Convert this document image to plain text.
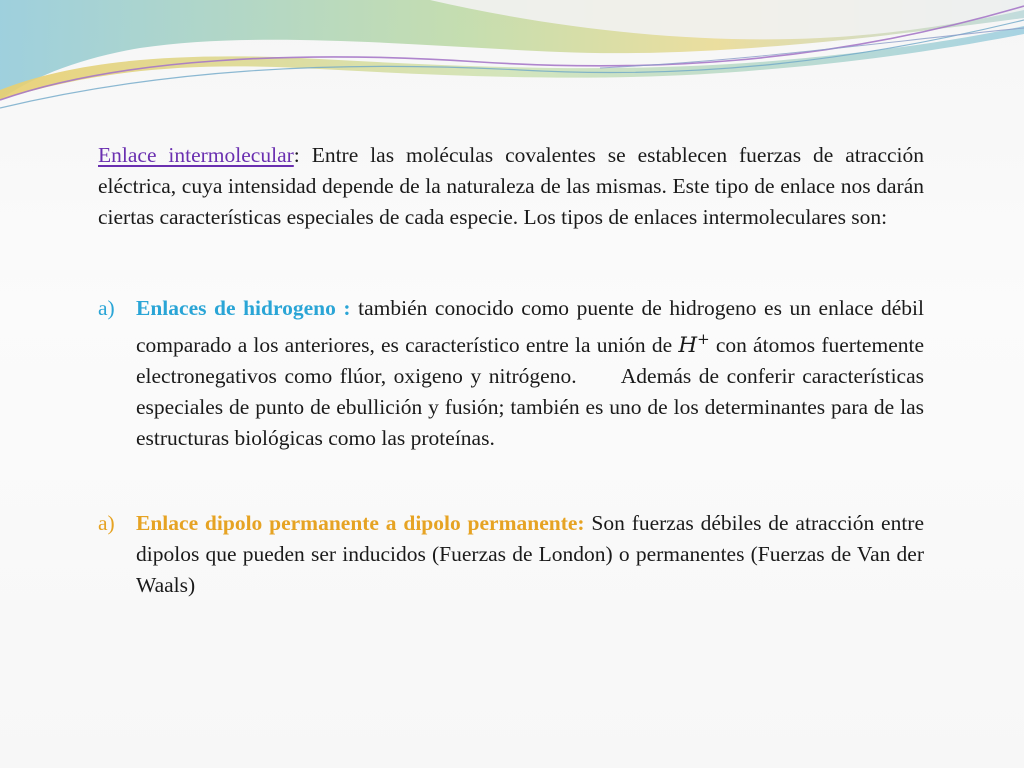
Enlace intermolecular: Entre las moléculas covalentes se establecen fuerzas de atracción eléctrica, cuya intensidad depende de la naturaleza de las mismas. Este tipo de enlace nos darán ciertas características especiales de cada especie. Los tipos de enlaces intermoleculares son:

a) Enlaces de hidrogeno : también conocido como puente de hidrogeno es un enlace débil comparado a los anteriores, es característico entre la unión de H+ con átomos fuertemente electronegativos como flúor, oxigeno y nitrógeno.      Además de conferir características especiales de punto de ebullición y fusión; también es uno de los determinantes para de las estructuras biológicas como las proteínas.
a) Enlace dipolo permanente a dipolo permanente: Son fuerzas débiles de atracción entre dipolos que pueden ser inducidos (Fuerzas de London) o permanentes (Fuerzas de Van der Waals)
